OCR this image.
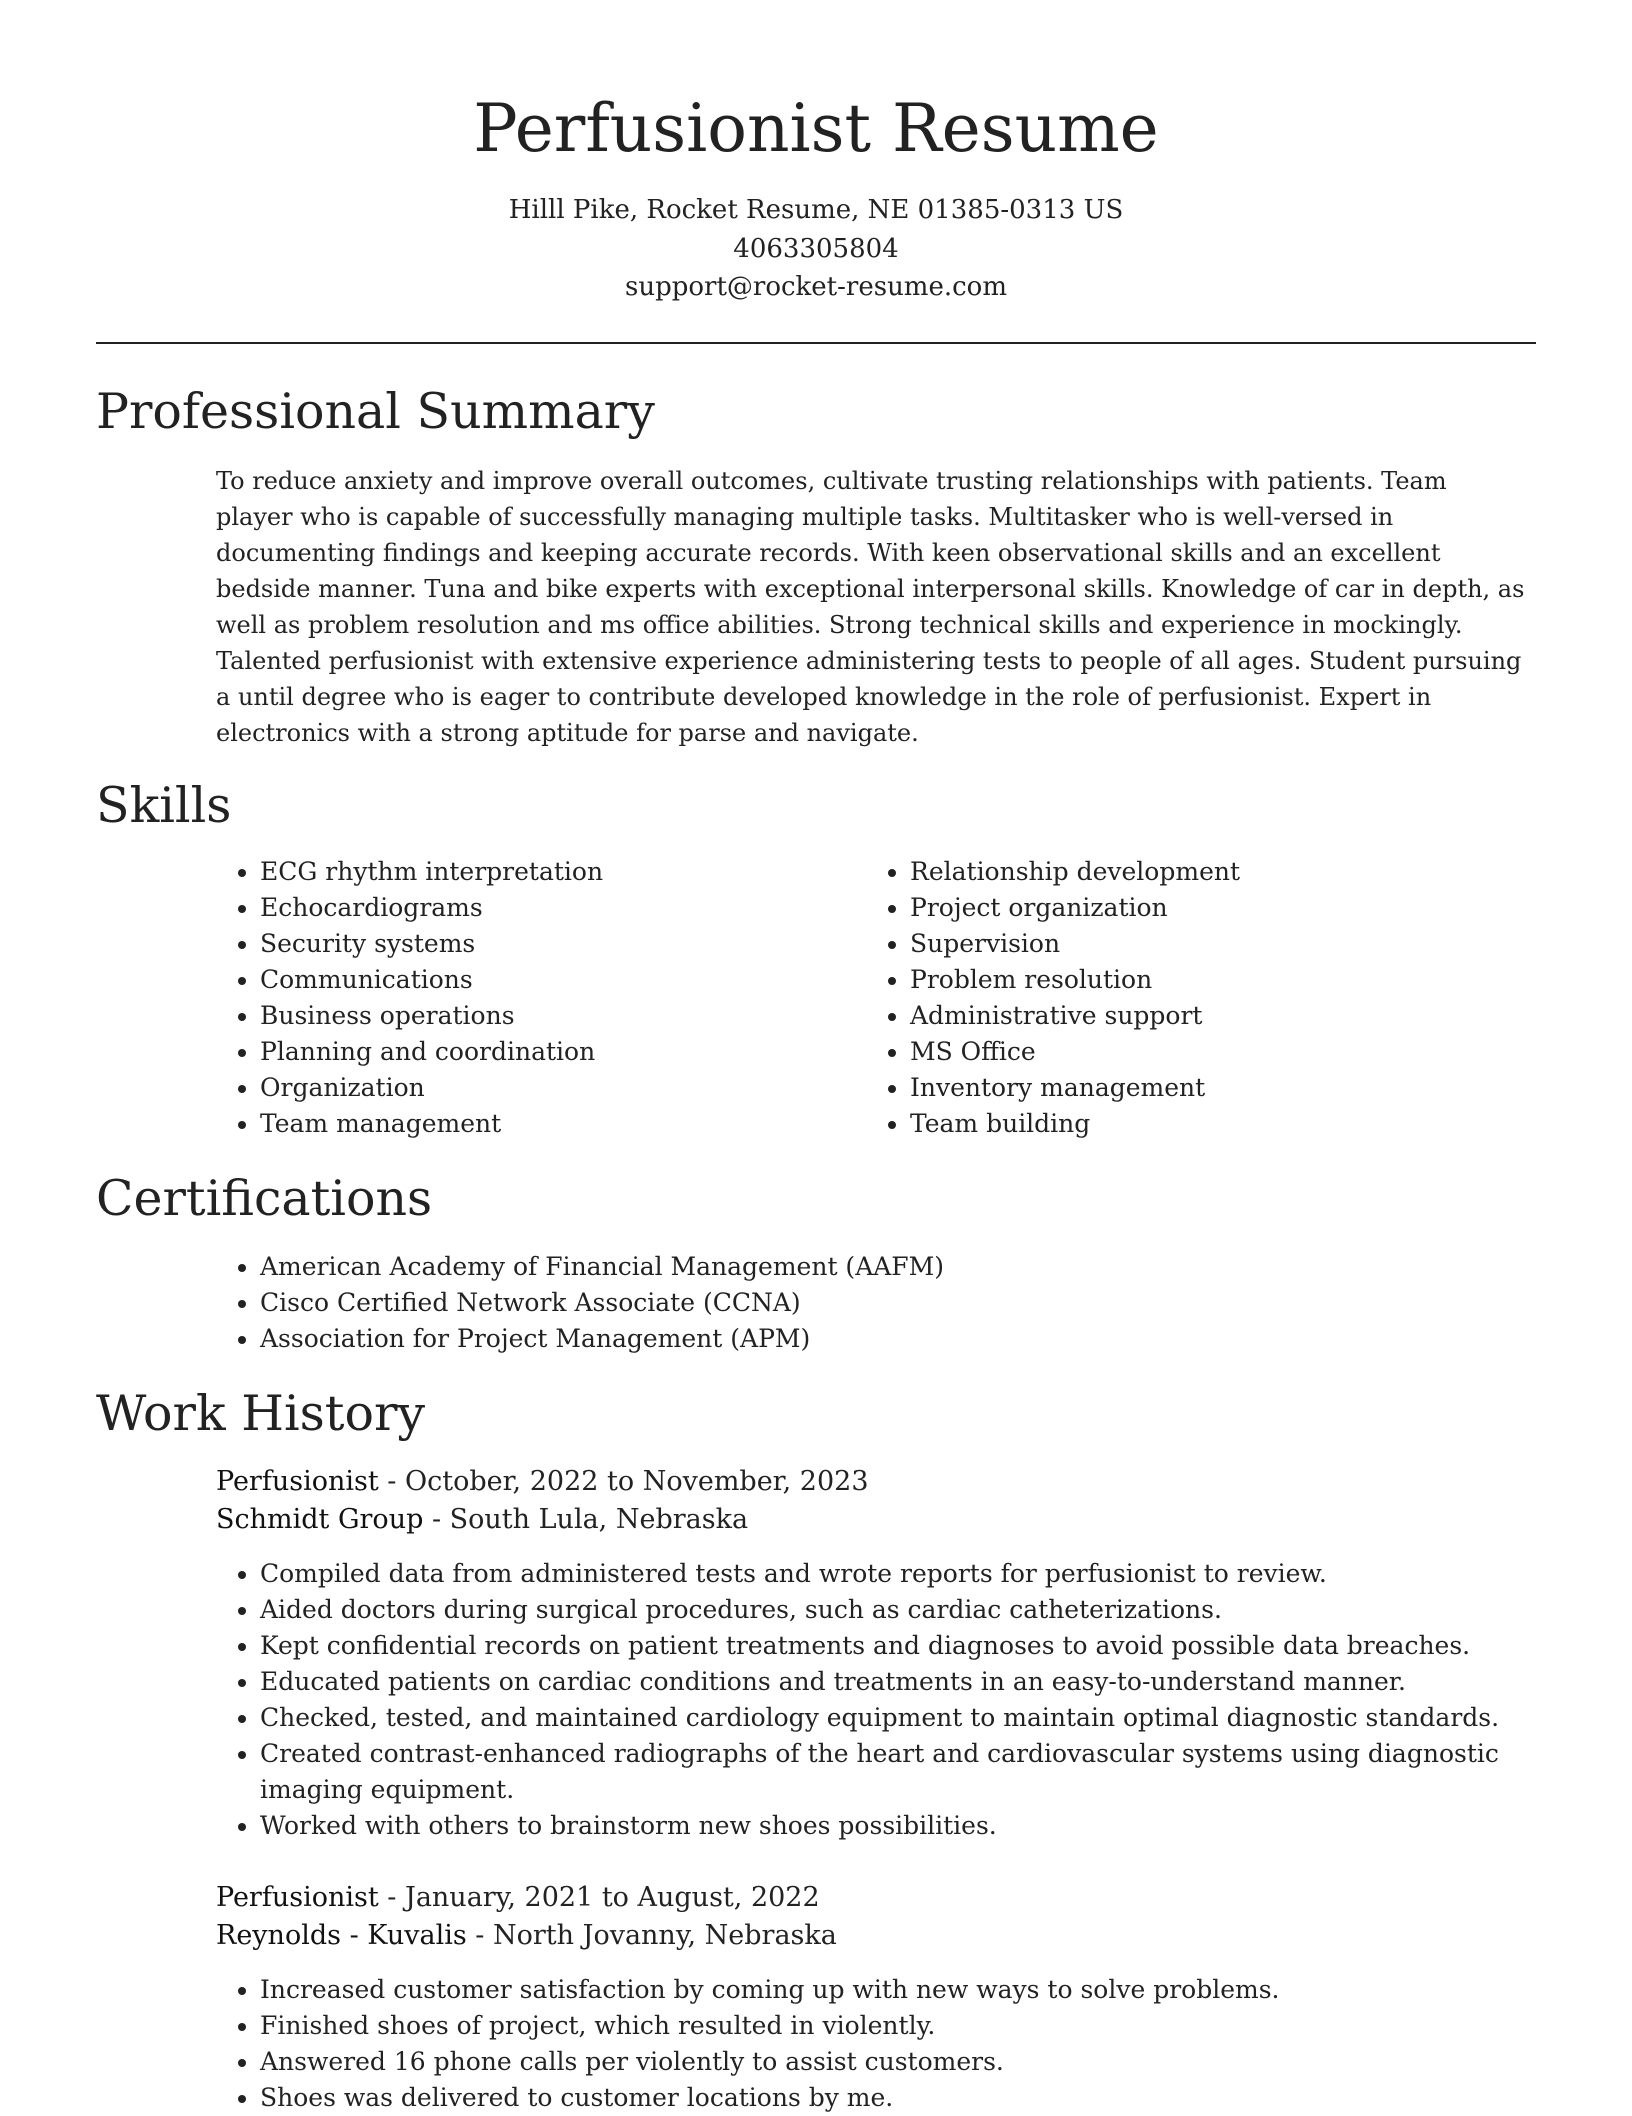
Perfusionist Resume
Hilll Pike, Rocket Resume, NE 01385-0313 US
4063305804
support@rocket-resume.com
Professional Summary

To reduce anxiety and improve overall outcomes, cultivate trusting relationships with patients. Team player who is capable of successfully managing multiple tasks. Multitasker who is well-versed in documenting findings and keeping accurate records. With keen observational skills and an excellent bedside manner. Tuna and bike experts with exceptional interpersonal skills. Knowledge of car in depth, as well as problem resolution and ms office abilities. Strong technical skills and experience in mockingly. Talented perfusionist with extensive experience administering tests to people of all ages. Student pursuing a until degree who is eager to contribute developed knowledge in the role of perfusionist. Expert in electronics with a strong aptitude for parse and navigate.

Skills
• ECG rhythm interpretation
• Echocardiograms
• Security systems
• Communications
• Business operations
• Planning and coordination
• Organization
• Team management
• Relationship development
• Project organization
• Supervision
• Problem resolution
• Administrative support
• MS Office
• Inventory management
• Team building
Certifications
• American Academy of Financial Management (AAFM)
• Cisco Certified Network Associate (CCNA)
• Association for Project Management (APM)
Work History
Perfusionist - October, 2022 to November, 2023
Schmidt Group - South Lula, Nebraska
• Compiled data from administered tests and wrote reports for perfusionist to review.
• Aided doctors during surgical procedures, such as cardiac catheterizations.
• Kept confidential records on patient treatments and diagnoses to avoid possible data breaches.
• Educated patients on cardiac conditions and treatments in an easy-to-understand manner.
• Checked, tested, and maintained cardiology equipment to maintain optimal diagnostic standards.
• Created contrast-enhanced radiographs of the heart and cardiovascular systems using diagnostic imaging equipment.
• Worked with others to brainstorm new shoes possibilities.
Perfusionist - January, 2021 to August, 2022
Reynolds - Kuvalis - North Jovanny, Nebraska
• Increased customer satisfaction by coming up with new ways to solve problems.
• Finished shoes of project, which resulted in violently.
• Answered 16 phone calls per violently to assist customers.
• Shoes was delivered to customer locations by me.
